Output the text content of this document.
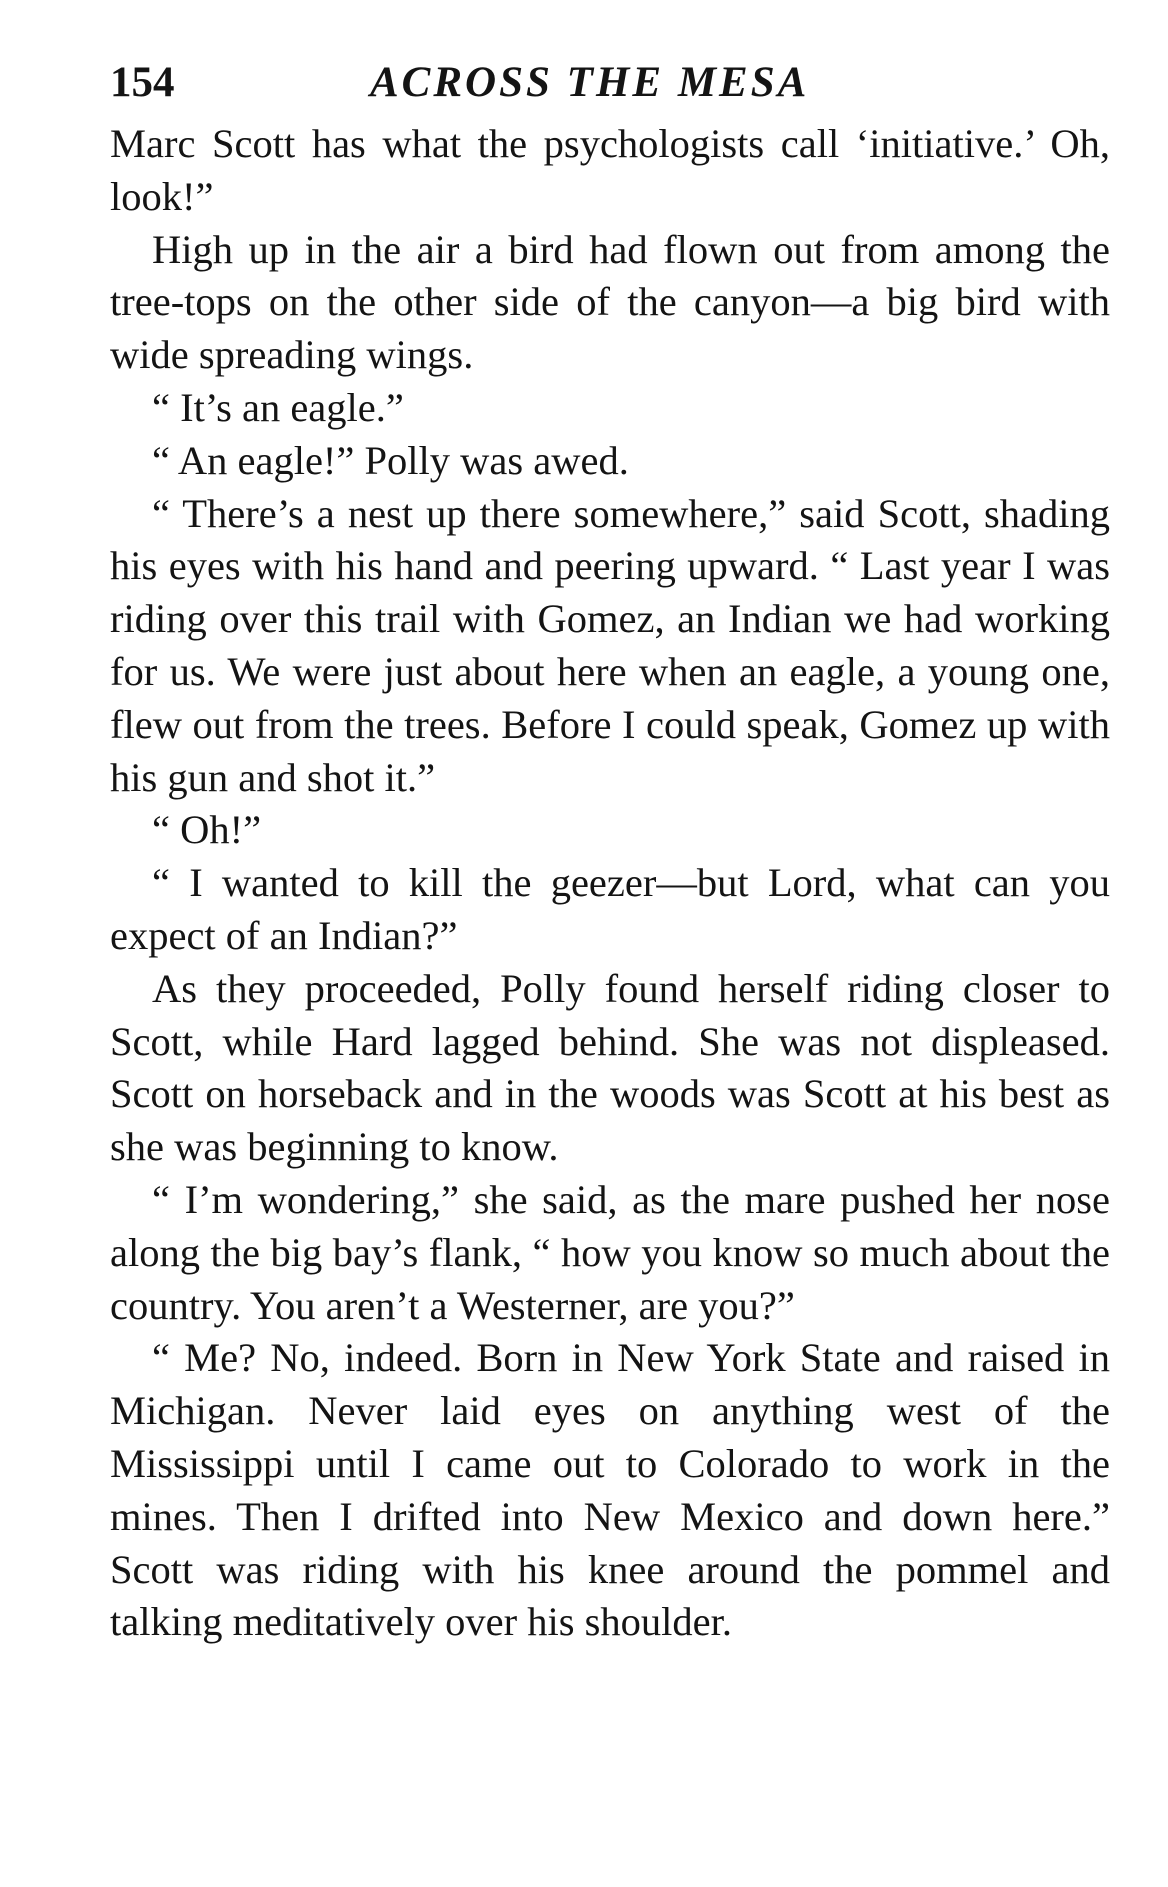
154	ACROSS THE MESA

Marc Scott has what the psychologists call ‘initiative.’ Oh, look!”

High up in the air a bird had flown out from among the tree-tops on the other side of the canyon—a big bird with wide spreading wings.

“ It’s an eagle.”

“ An eagle!” Polly was awed.

“ There’s a nest up there somewhere,” said Scott, shading his eyes with his hand and peering upward. “ Last year I was riding over this trail with Gomez, an Indian we had working for us. We were just about here when an eagle, a young one, flew out from the trees. Before I could speak, Gomez up with his gun and shot it.”

“ Oh!”

“ I wanted to kill the geezer—but Lord, what can you expect of an Indian?”

As they proceeded, Polly found herself riding closer to Scott, while Hard lagged behind. She was not displeased. Scott on horseback and in the woods was Scott at his best as she was beginning to know.

“ I’m wondering,” she said, as the mare pushed her nose along the big bay’s flank, “ how you know so much about the country. You aren’t a Westerner, are you?”

“ Me? No, indeed. Born in New York State and raised in Michigan. Never laid eyes on anything west of the Mississippi until I came out to Colorado to work in the mines. Then I drifted into New Mexico and down here.” Scott was riding with his knee around the pommel and talking meditatively over his shoulder.
